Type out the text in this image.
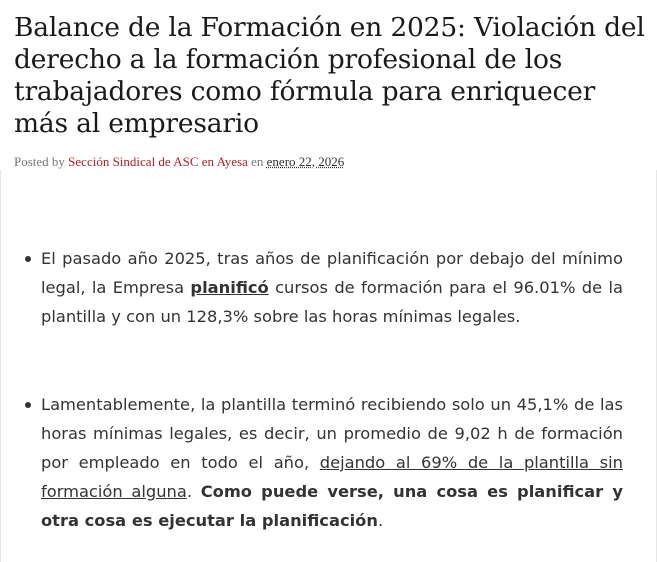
Balance de la Formación en 2025: Violación del derecho a la formación profesional de los trabajadores como fórmula para enriquecer más al empresario
Posted by Sección Sindical de ASC en Ayesa en enero 22, 2026
El pasado año 2025, tras años de planificación por debajo del mínimo legal, la Empresa planificó cursos de formación para el 96.01% de la plantilla y con un 128,3% sobre las horas mínimas legales.
Lamentablemente, la plantilla terminó recibiendo solo un 45,1% de las horas mínimas legales, es decir, un promedio de 9,02 h de formación por empleado en todo el año, dejando al 69% de la plantilla sin formación alguna. Como puede verse, una cosa es planificar y otra cosa es ejecutar la planificación.
